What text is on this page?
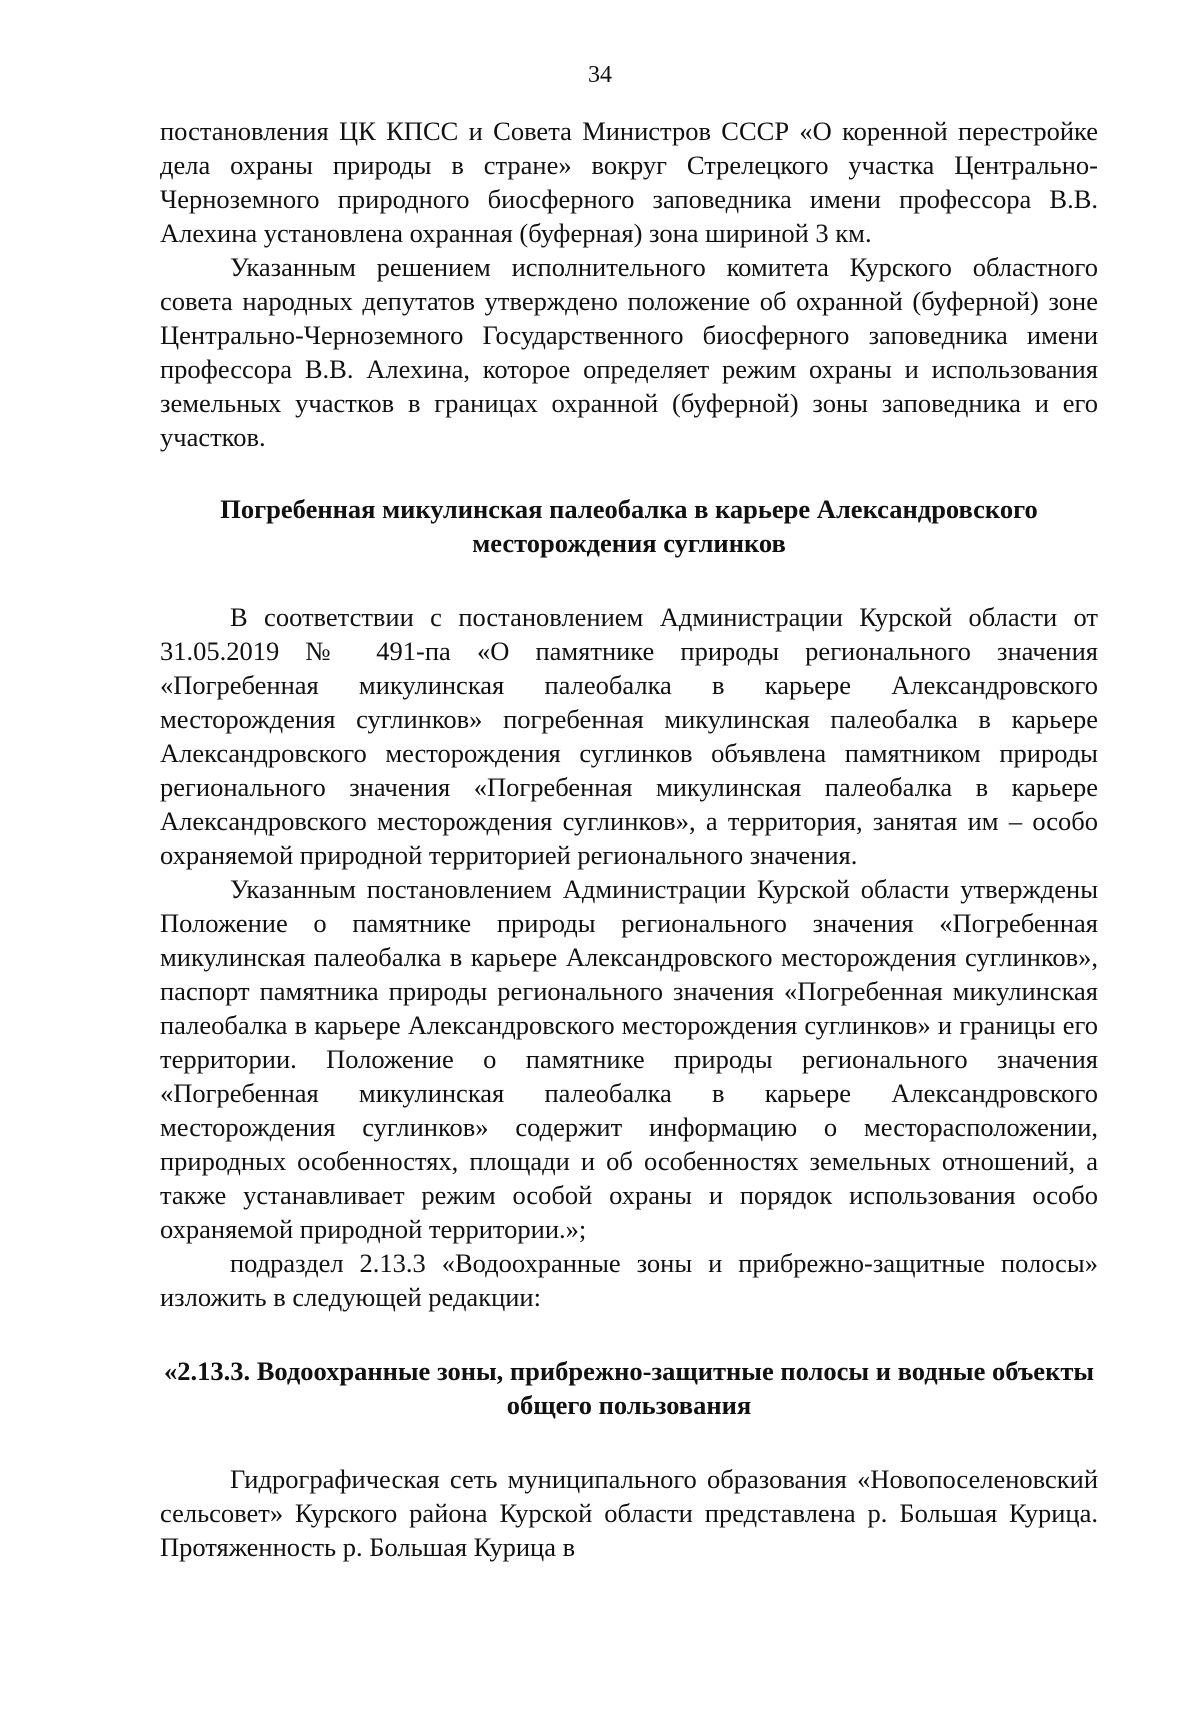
34

постановления ЦК КПСС и Совета Министров СССР «О коренной перестройке дела охраны природы в стране» вокруг Стрелецкого участка Центрально-Черноземного природного биосферного заповедника имени профессора В.В. Алехина установлена охранная (буферная) зона шириной 3 км.

Указанным решением исполнительного комитета Курского областного совета народных депутатов утверждено положение об охранной (буферной) зоне Центрально-Черноземного Государственного биосферного заповедника имени профессора В.В. Алехина, которое определяет режим охраны и использования земельных участков в границах охранной (буферной) зоны заповедника и его участков.

Погребенная микулинская палеобалка в карьере Александровского месторождения суглинков

В соответствии с постановлением Администрации Курской области от 31.05.2019 № 491-па «О памятнике природы регионального значения «Погребенная микулинская палеобалка в карьере Александровского месторождения суглинков» погребенная микулинская палеобалка в карьере Александровского месторождения суглинков объявлена памятником природы регионального значения «Погребенная микулинская палеобалка в карьере Александровского месторождения суглинков», а территория, занятая им – особо охраняемой природной территорией регионального значения.

Указанным постановлением Администрации Курской области утверждены Положение о памятнике природы регионального значения «Погребенная микулинская палеобалка в карьере Александровского месторождения суглинков», паспорт памятника природы регионального значения «Погребенная микулинская палеобалка в карьере Александровского месторождения суглинков» и границы его территории. Положение о памятнике природы регионального значения «Погребенная микулинская палеобалка в карьере Александровского месторождения суглинков» содержит информацию о месторасположении, природных особенностях, площади и об особенностях земельных отношений, а также устанавливает режим особой охраны и порядок использования особо охраняемой природной территории.»;

подраздел 2.13.3 «Водоохранные зоны и прибрежно-защитные полосы» изложить в следующей редакции:

«2.13.3. Водоохранные зоны, прибрежно-защитные полосы и водные объекты общего пользования

Гидрографическая сеть муниципального образования «Новопоселеновский сельсовет» Курского района Курской области представлена р. Большая Курица. Протяженность р. Большая Курица в
